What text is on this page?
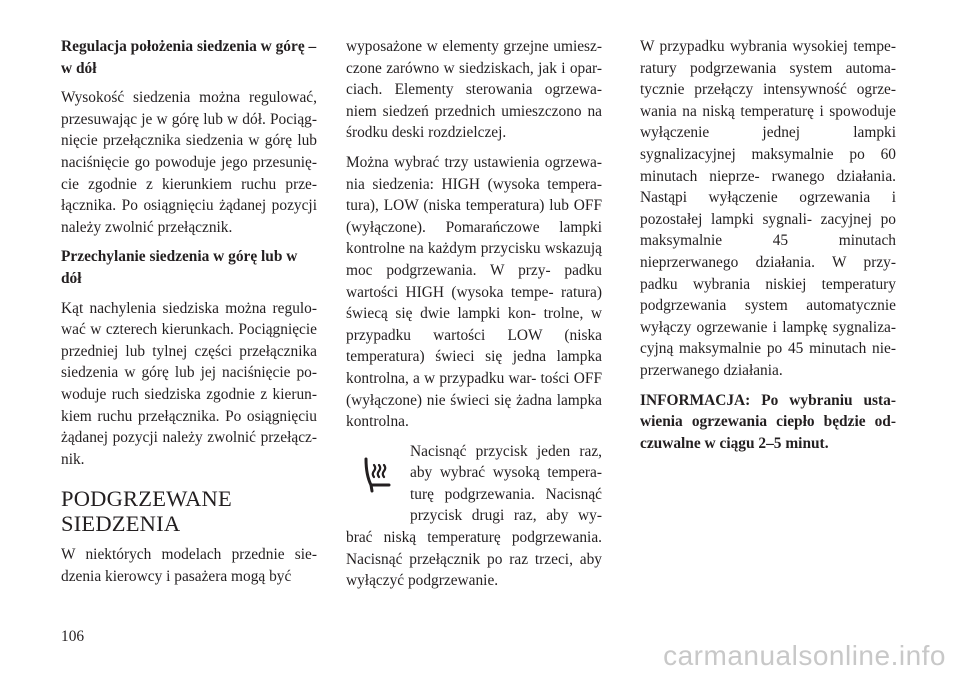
Regulacja położenia siedzenia w górę – w dół

Wysokość siedzenia można regulować, przesuwając je w górę lub w dół. Pociąg- nięcie przełącznika siedzenia w górę lub naciśnięcie go powoduje jego przesunię- cie zgodnie z kierunkiem ruchu prze- łącznika. Po osiągnięciu żądanej pozycji należy zwolnić przełącznik.

Przechylanie siedzenia w górę lub w dół

Kąt nachylenia siedziska można regulo- wać w czterech kierunkach. Pociągnięcie przedniej lub tylnej części przełącznika siedzenia w górę lub jej naciśnięcie po- woduje ruch siedziska zgodnie z kierun- kiem ruchu przełącznika. Po osiągnięciu żądanej pozycji należy zwolnić przełącz- nik.

PODGRZEWANE SIEDZENIA

W niektórych modelach przednie sie- dzenia kierowcy i pasażera mogą być

wyposażone w elementy grzejne umiesz- czone zarówno w siedziskach, jak i opar- ciach. Elementy sterowania ogrzewa- niem siedzeń przednich umieszczono na środku deski rozdzielczej.

Można wybrać trzy ustawienia ogrzewa- nia siedzenia: HIGH (wysoka tempera- tura), LOW (niska temperatura) lub OFF (wyłączone). Pomarańczowe lampki kontrolne na każdym przycisku wskazują moc podgrzewania. W przy- padku wartości HIGH (wysoka tempe- ratura) świecą się dwie lampki kon- trolne, w przypadku wartości LOW (niska temperatura) świeci się jedna lampka kontrolna, a w przypadku war- tości OFF (wyłączone) nie świeci się żadna lampka kontrolna.

Nacisnąć przycisk jeden raz, aby wybrać wysoką tempera- turę podgrzewania. Nacisnąć przycisk drugi raz, aby wy- brać niską temperaturę podgrzewania. Nacisnąć przełącznik po raz trzeci, aby wyłączyć podgrzewanie.

W przypadku wybrania wysokiej tempe- ratury podgrzewania system automa- tycznie przełączy intensywność ogrze- wania na niską temperaturę i spowoduje wyłączenie jednej lampki sygnalizacyjnej maksymalnie po 60 minutach nieprze- rwanego działania. Nastąpi wyłączenie ogrzewania i pozostałej lampki sygnali- zacyjnej po maksymalnie 45 minutach nieprzerwanego działania. W przy- padku wybrania niskiej temperatury podgrzewania system automatycznie wyłączy ogrzewanie i lampkę sygnaliza- cyjną maksymalnie po 45 minutach nie- przerwanego działania.

INFORMACJA: Po wybraniu usta- wienia ogrzewania ciepło będzie od- czuwalne w ciągu 2–5 minut.

106
carmanualsonline.info
